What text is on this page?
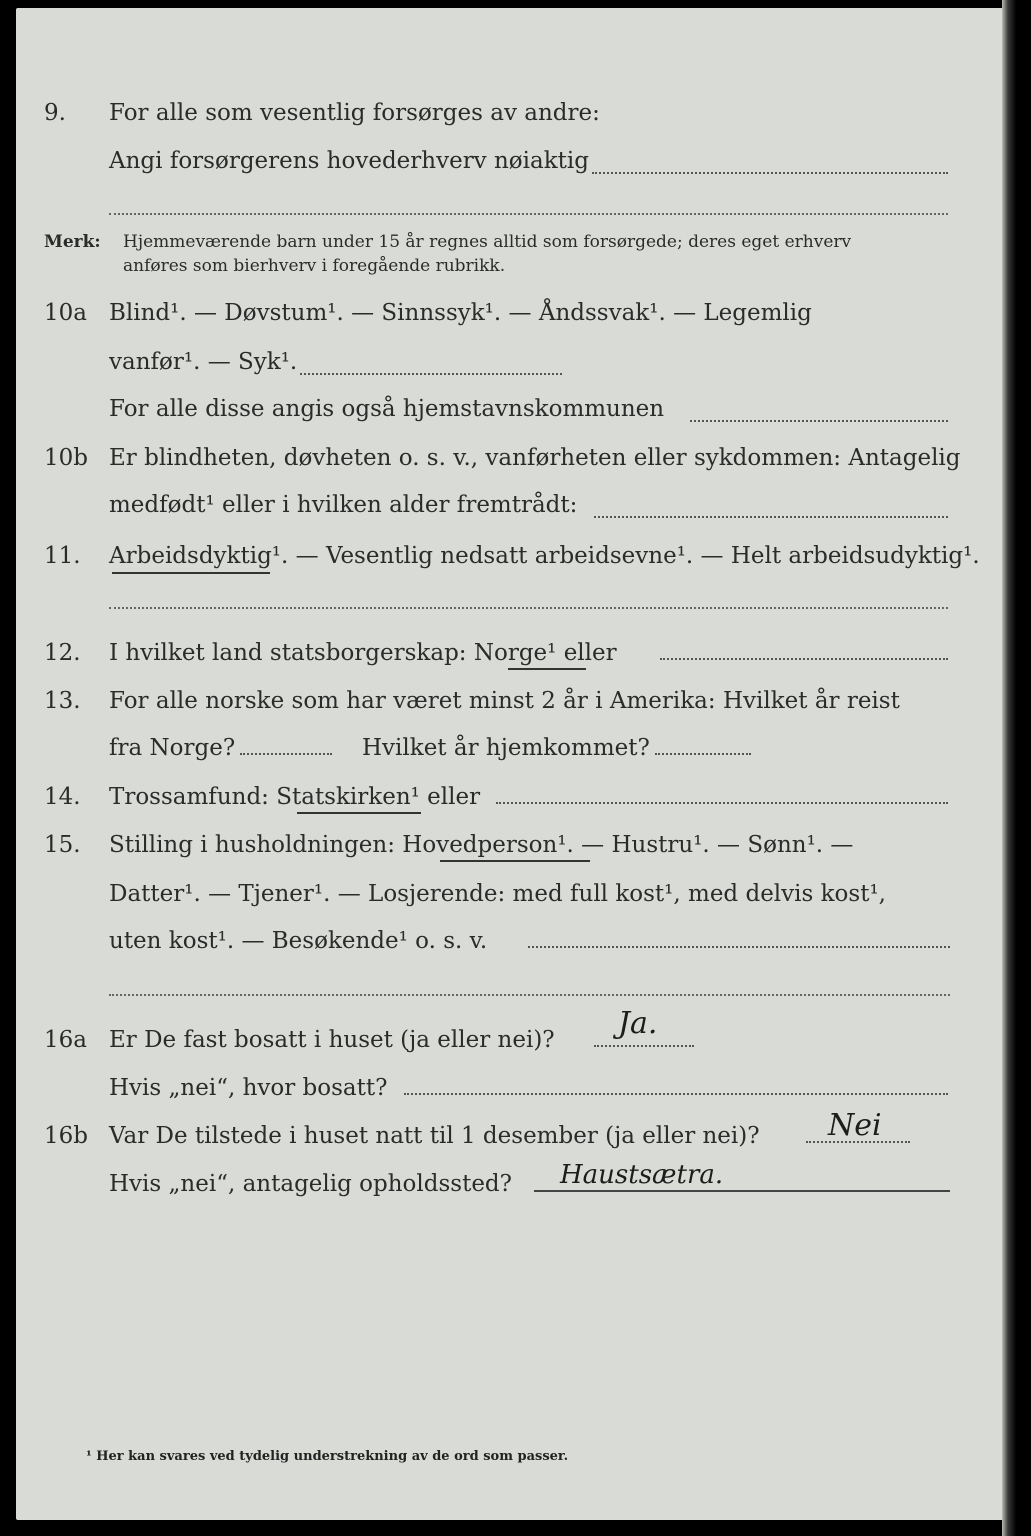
9. For alle som vesentlig forsørges av andre:
Angi forsørgerens hovederhverv nøiaktig
Merk: Hjemmeværende barn under 15 år regnes alltid som forsørgede; deres eget erhverv
anføres som bierhverv i foregående rubrikk.
10a Blind¹. — Døvstum¹. — Sinnssyk¹. — Åndssvak¹. — Legemlig
vanfør¹. — Syk¹.
For alle disse angis også hjemstavnskommunen
10b Er blindheten, døvheten o. s. v., vanførheten eller sykdommen: Antagelig
medfødt¹ eller i hvilken alder fremtrådt:
11. Arbeidsdyktig¹. — Vesentlig nedsatt arbeidsevne¹. — Helt arbeidsudyktig¹.
12. I hvilket land statsborgerskap: Norge¹ eller
13. For alle norske som har været minst 2 år i Amerika: Hvilket år reist
fra Norge?	Hvilket år hjemkommet?
14. Trossamfund: Statskirken¹ eller
15. Stilling i husholdningen: Hovedperson¹. — Hustru¹. — Sønn¹. —
Datter¹. — Tjener¹. — Losjerende: med full kost¹, med delvis kost¹,
uten kost¹. — Besøkende¹ o. s. v.
16a Er De fast bosatt i huset (ja eller nei)? Ja.
Hvis „nei“, hvor bosatt?
16b Var De tilstede i huset natt til 1 desember (ja eller nei)? Nei
Hvis „nei“, antagelig opholdssted? Haustsætra.
¹ Her kan svares ved tydelig understrekning av de ord som passer.
